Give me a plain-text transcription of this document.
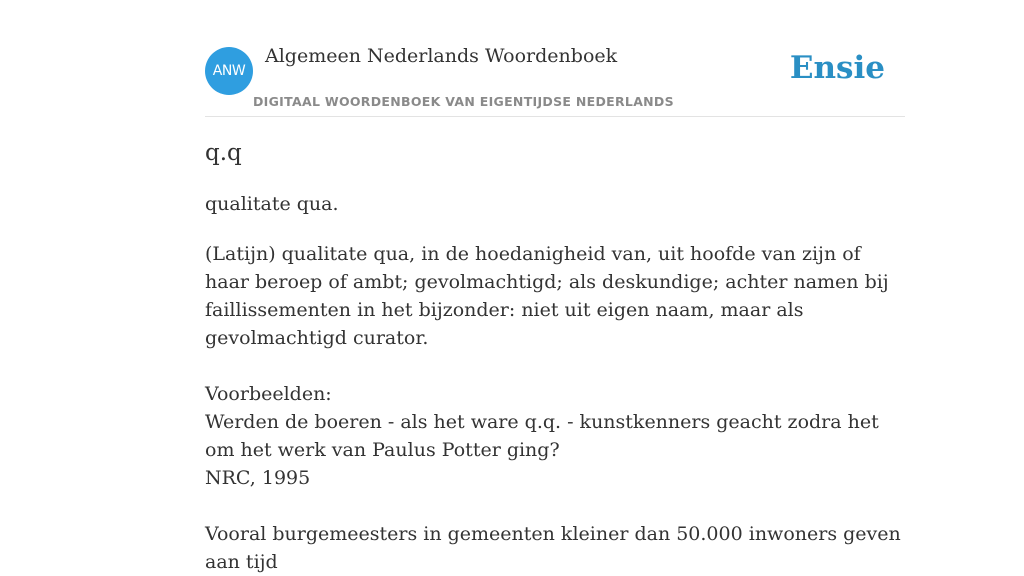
ANW
Algemeen Nederlands Woordenboek
DIGITAAL WOORDENBOEK VAN EIGENTIJDSE NEDERLANDS
Ensie
q.q

qualitate qua.

(Latijn) qualitate qua, in de hoedanigheid van, uit hoofde van zijn of haar beroep of ambt; gevolmachtigd; als deskundige; achter namen bij faillissementen in het bijzonder: niet uit eigen naam, maar als gevolmachtigd curator.

Voorbeelden:

Werden de boeren - als het ware q.q. - kunstkenners geacht zodra het om het werk van Paulus Potter ging?

NRC, 1995

Vooral burgemeesters in gemeenten kleiner dan 50.000 inwoners geven aan tijd
